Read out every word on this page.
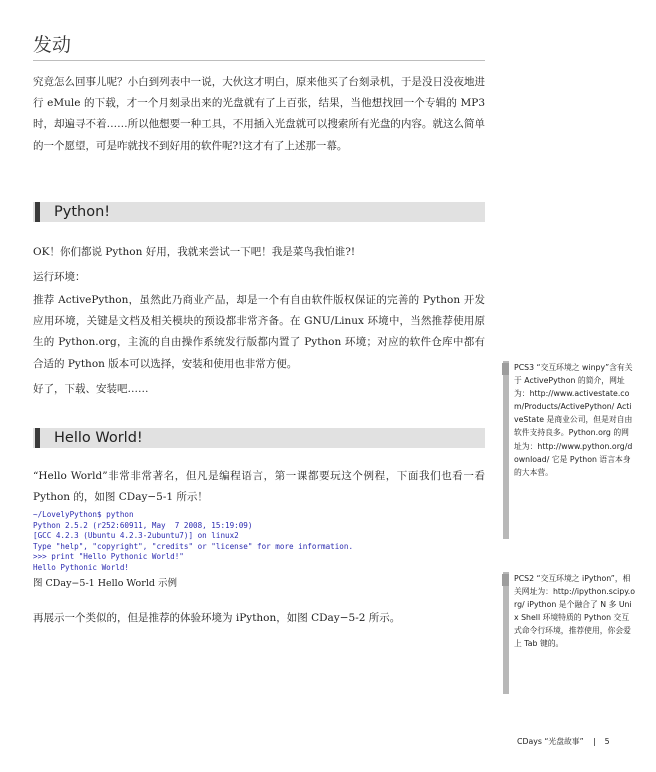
发动

究竟怎么回事儿呢？小白到列表中一说，大伙这才明白，原来他买了台刻录机，于是没日没夜地进行 eMule 的下载，才一个月刻录出来的光盘就有了上百张，结果，当他想找回一个专辑的 MP3 时，却遍寻不着……所以他想要一种工具，不用插入光盘就可以搜索所有光盘的内容。就这么简单的一个愿望，可是咋就找不到好用的软件呢?!这才有了上述那一幕。

Python!
OK！你们都说 Python 好用，我就来尝试一下吧！我是菜鸟我怕谁?!
运行环境：

推荐 ActivePython，虽然此乃商业产品，却是一个有自由软件版权保证的完善的 Python 开发应用环境，关键是文档及相关模块的预设都非常齐备。在 GNU/Linux 环境中，当然推荐使用原生的 Python.org，主流的自由操作系统发行版都内置了 Python 环境；对应的软件仓库中都有合适的 Python 版本可以选择，安装和使用也非常方便。

好了，下载、安装吧……
Hello World!

“Hello World”非常非常著名，但凡是编程语言，第一课都要玩这个例程，下面我们也看一看 Python 的，如图 CDay−5-1 所示！

~/LovelyPython$ python
Python 2.5.2 (r252:60911, May  7 2008, 15:19:09)
[GCC 4.2.3 (Ubuntu 4.2.3-2ubuntu7)] on linux2
Type "help", "copyright", "credits" or "license" for more information.
>>> print "Hello Pythonic World!"
Hello Pythonic World!
图 CDay−5-1 Hello World 示例
再展示一个类似的，但是推荐的体验环境为 iPython，如图 CDay−5-2 所示。
PCS3 “交互环境之 winpy”含有关于 ActivePython 的简介，网址为：http://www.activestate.com/Products/ActivePython/ ActiveState 是商业公司，但是对自由软件支持良多。Python.org 的网址为：http://www.python.org/download/ 它是 Python 语言本身的大本营。
PCS2 “交互环境之 iPython”，相关网址为：http://ipython.scipy.org/ iPython 是个融合了 N 多 Unix Shell 环境特质的 Python 交互式命令行环境，推荐使用，你会爱上 Tab 键的。
CDays “光盘故事”	5
